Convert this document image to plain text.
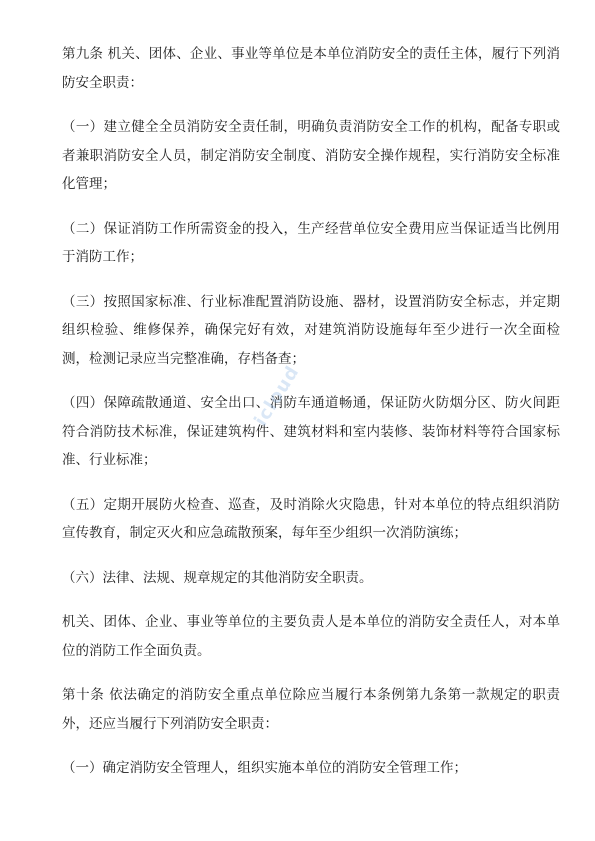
第九条 机关、团体、企业、事业等单位是本单位消防安全的责任主体，履行下列消防安全职责：

（一）建立健全全员消防安全责任制，明确负责消防安全工作的机构，配备专职或者兼职消防安全人员，制定消防安全制度、消防安全操作规程，实行消防安全标准化管理；

（二）保证消防工作所需资金的投入，生产经营单位安全费用应当保证适当比例用于消防工作；

（三）按照国家标准、行业标准配置消防设施、器材，设置消防安全标志，并定期组织检验、维修保养，确保完好有效，对建筑消防设施每年至少进行一次全面检测，检测记录应当完整准确，存档备查；

（四）保障疏散通道、安全出口、消防车通道畅通，保证防火防烟分区、防火间距符合消防技术标准，保证建筑构件、建筑材料和室内装修、装饰材料等符合国家标准、行业标准；

（五）定期开展防火检查、巡查，及时消除火灾隐患，针对本单位的特点组织消防宣传教育，制定灭火和应急疏散预案，每年至少组织一次消防演练；

（六）法律、法规、规章规定的其他消防安全职责。

机关、团体、企业、事业等单位的主要负责人是本单位的消防安全责任人，对本单位的消防工作全面负责。

第十条 依法确定的消防安全重点单位除应当履行本条例第九条第一款规定的职责外，还应当履行下列消防安全职责：

（一）确定消防安全管理人，组织实施本单位的消防安全管理工作；

icloud
